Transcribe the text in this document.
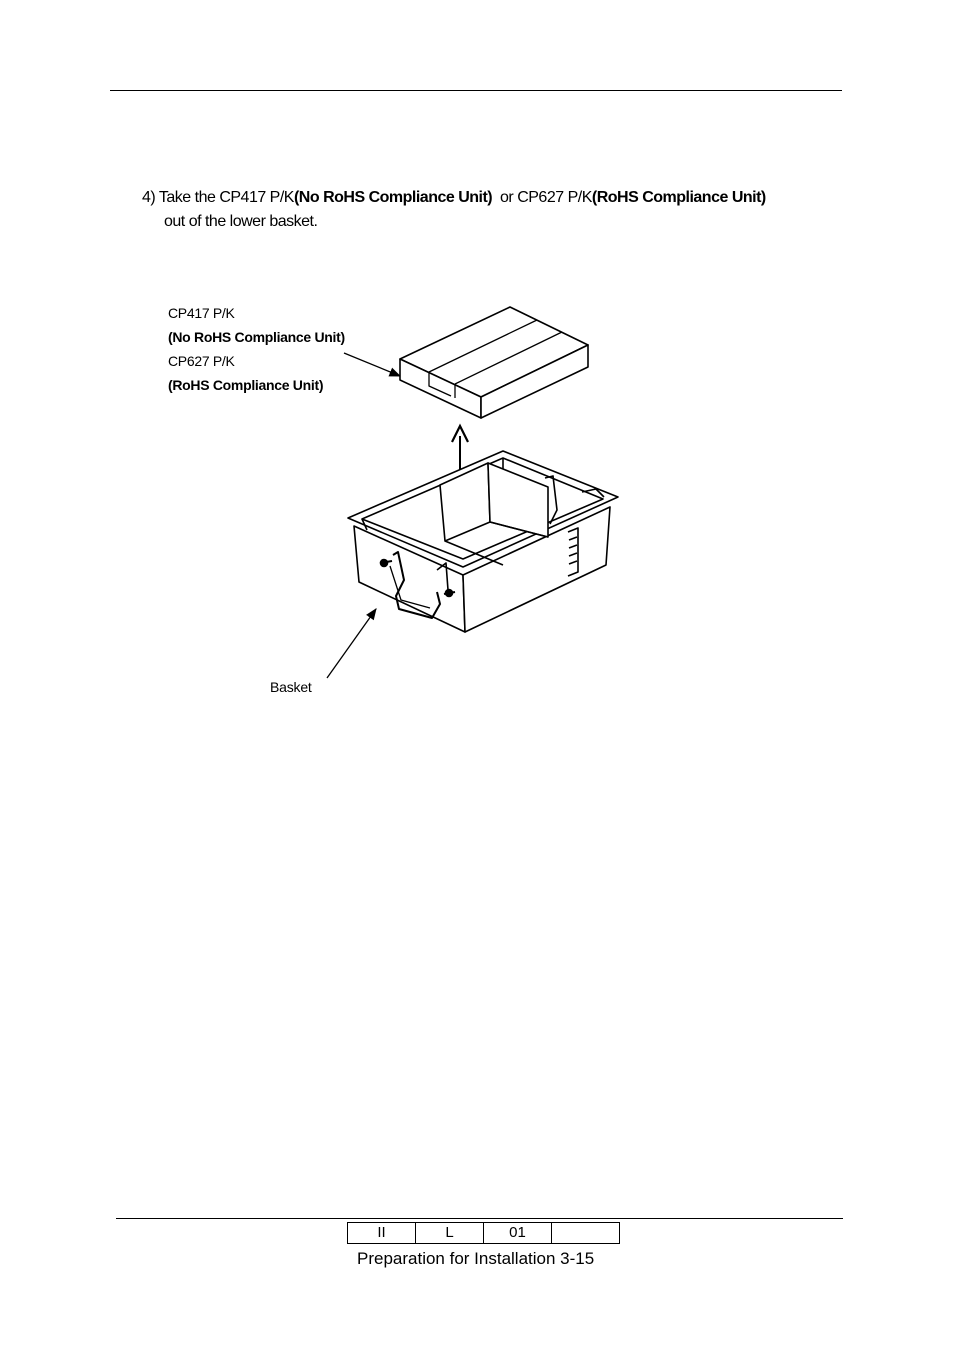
4) Take the CP417 P/K(No RoHS Compliance Unit)  or CP627 P/K(RoHS Compliance Unit)
out of the lower basket.
CP417 P/K
(No RoHS Compliance Unit)
CP627 P/K
(RoHS Compliance Unit)
Basket
II	L	01	
Preparation for Installation 3-15
